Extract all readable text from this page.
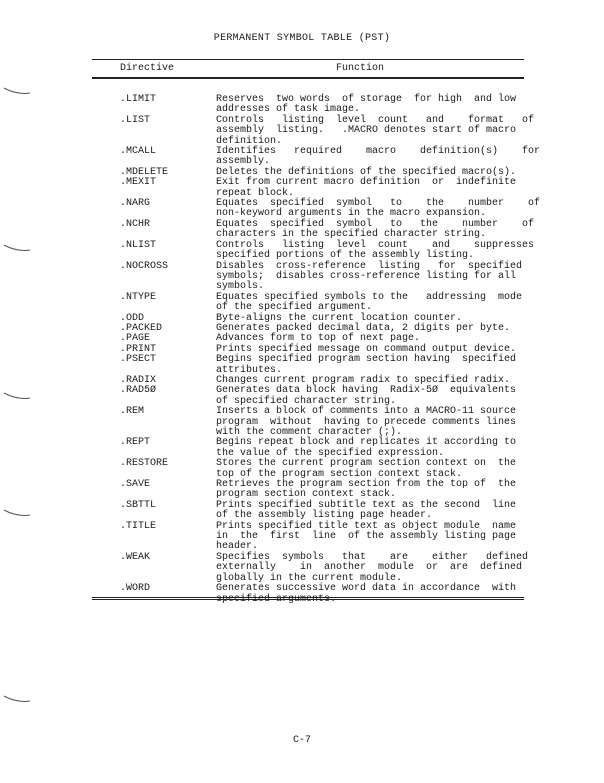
PERMANENT SYMBOL TABLE (PST)
Directive	Function
.LIMIT	Reserves  two words  of storage  for high  and low
addresses of task image.
.LIST	Controls   listing  level  count   and    format   of
assembly  listing.   .MACRO denotes start of macro
definition.
.MCALL	Identifies   required    macro    definition(s)    for
assembly.
.MDELETE	Deletes the definitions of the specified macro(s).
.MEXIT	Exit from current macro definition  or  indefinite
repeat block.
.NARG	Equates  specified  symbol   to    the    number    of
non-keyword arguments in the macro expansion.
.NCHR	Equates  specified  symbol   to   the    number    of
characters in the specified character string.
.NLIST	Controls   listing  level  count    and    suppresses
specified portions of the assembly listing.
.NOCROSS	Disables  cross-reference  listing   for  specified
symbols;  disables cross-reference listing for all
symbols.
.NTYPE	Equates specified symbols to the   addressing  mode
of the specified argument.
.ODD	Byte-aligns the current location counter.
.PACKED	Generates packed decimal data, 2 digits per byte.
.PAGE	Advances form to top of next page.
.PRINT	Prints specified message on command output device.
.PSECT	Begins specified program section having  specified
attributes.
.RADIX	Changes current program radix to specified radix.
.RAD5Ø	Generates data block having  Radix-5Ø  equivalents
of specified character string.
.REM	Inserts a block of comments into a MACRO-11 source
program  without  having to precede comments lines
with the comment character (;).
.REPT	Begins repeat block and replicates it according to
the value of the specified expression.
.RESTORE	Stores the current program section context on  the
top of the program section context stack.
.SAVE	Retrieves the program section from the top of  the
program section context stack.
.SBTTL	Prints specified subtitle text as the second  line
of the assembly listing page header.
.TITLE	Prints specified title text as object module  name
in  the  first  line  of the assembly listing page
header.
.WEAK	Specifies  symbols   that    are    either   defined
externally    in  another  module  or  are  defined
globally in the current module.
.WORD	Generates successive word data in accordance  with
C-7
